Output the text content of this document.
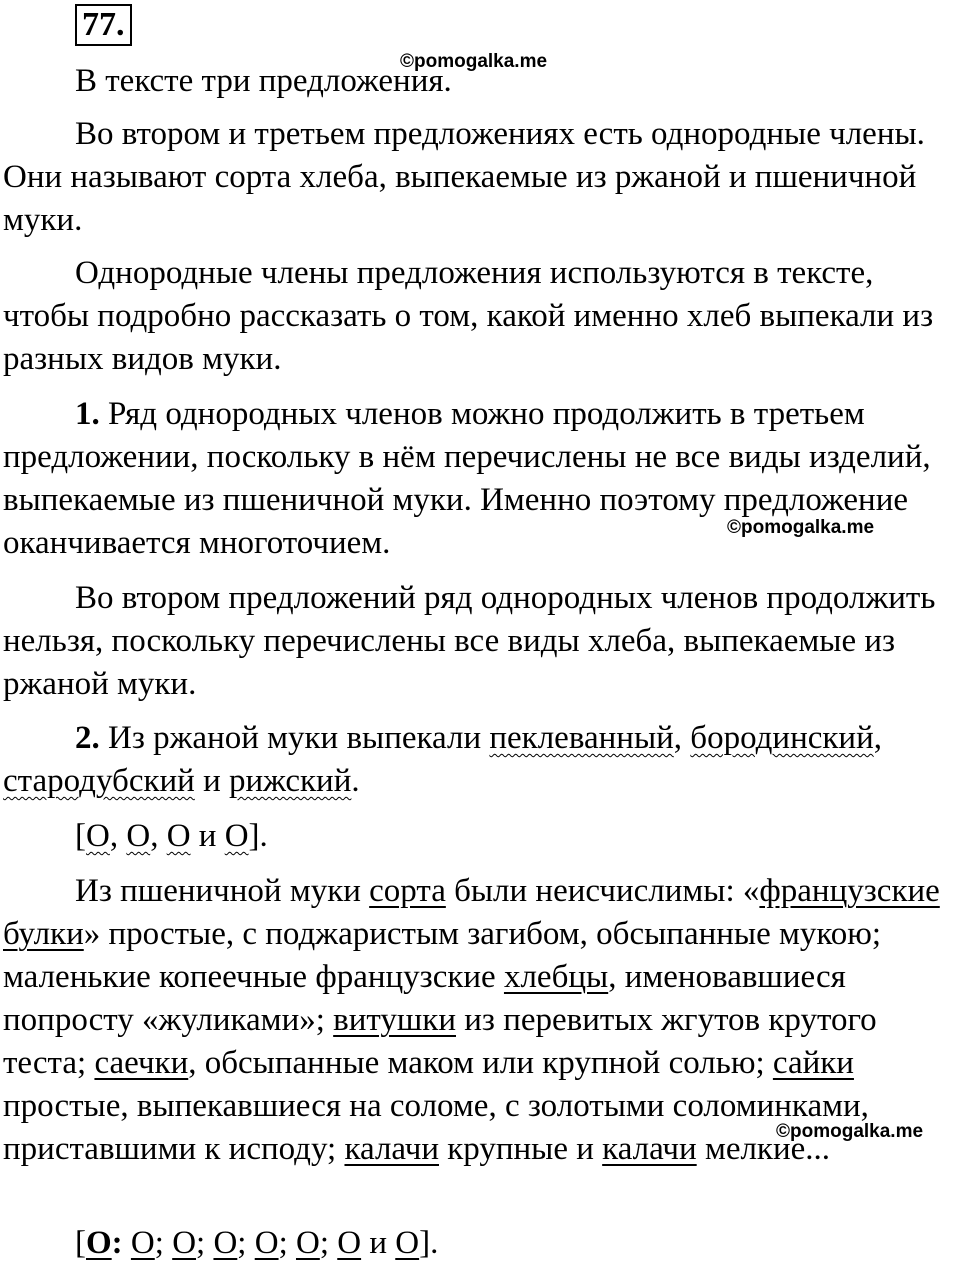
77.

В тексте три предложения.

Во втором и третьем предложениях есть однородные члены. Они называют сорта хлеба, выпекаемые из ржаной и пшеничной муки.

Однородные члены предложения используются в тексте, чтобы подробно рассказать о том, какой именно хлеб выпекали из разных видов муки.

1. Ряд однородных членов можно продолжить в третьем предложении, поскольку в нём перечислены не все виды изделий, выпекаемые из пшеничной муки. Именно поэтому предложение оканчивается многоточием.

Во втором предложений ряд однородных членов продолжить нельзя, поскольку перечислены все виды хлеба, выпекаемые из ржаной муки.

2. Из ржаной муки выпекали пеклеванный, бородинский, стародубский и рижский.

[О, О, О и О].

Из пшеничной муки сорта были неисчислимы: «французские булки» простые, с поджаристым загибом, обсыпанные мукою; маленькие копеечные французские хлебцы, именовавшиеся попросту «жуликами»; витушки из перевитых жгутов крутого теста; саечки, обсыпанные маком или крупной солью; сайки простые, выпекавшиеся на соломе, с золотыми соломинками, приставшими к исподу; калачи крупные и калачи мелкие...

[О: О; О; О; О; О; О и О].

©pomogalka.me
©pomogalka.me
©pomogalka.me
